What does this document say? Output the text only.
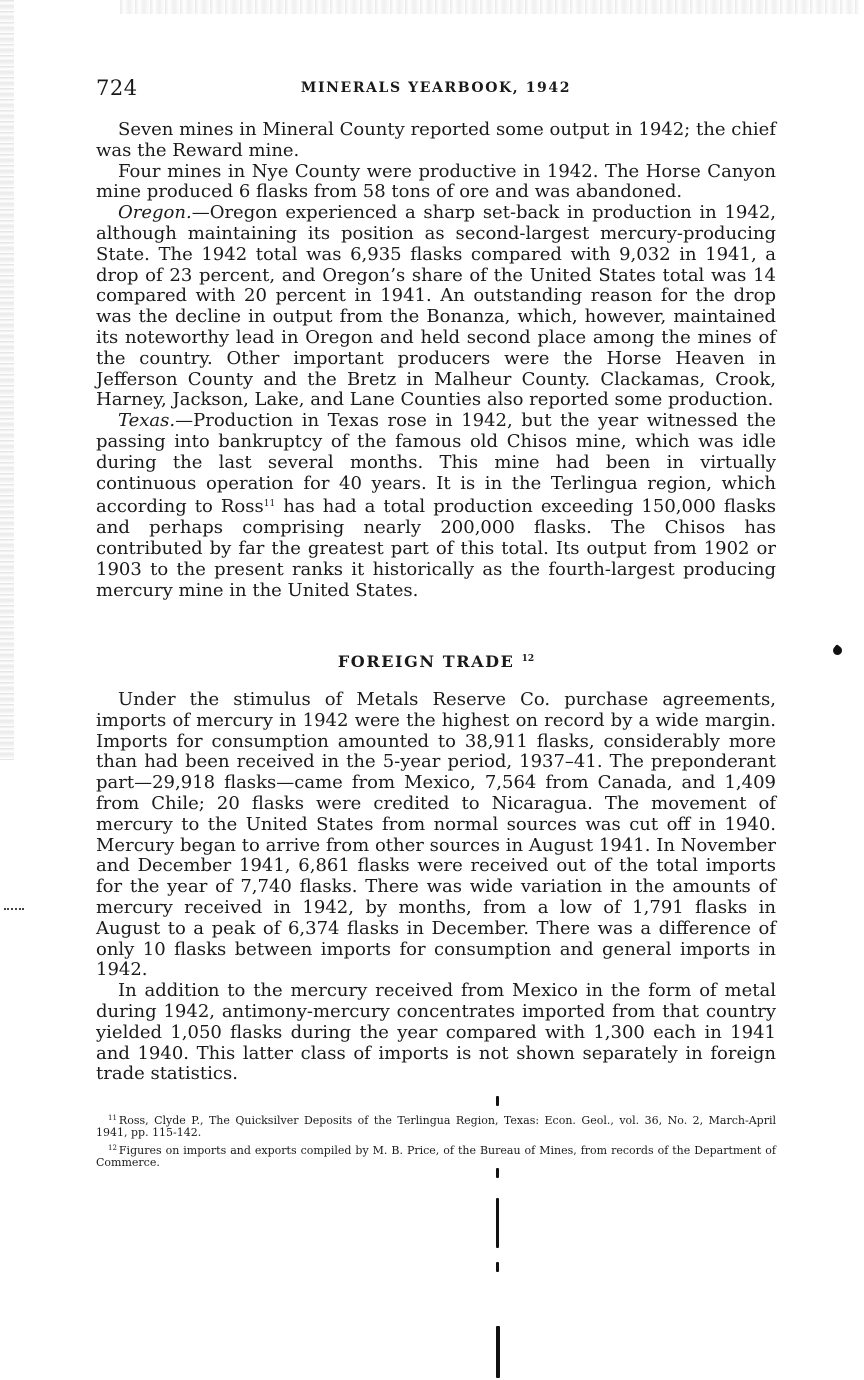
724	MINERALS YEARBOOK, 1942

Seven mines in Mineral County reported some output in 1942; the chief was the Reward mine.

Four mines in Nye County were productive in 1942. The Horse Canyon mine produced 6 flasks from 58 tons of ore and was abandoned.

Oregon.—Oregon experienced a sharp set-back in production in 1942, although maintaining its position as second-largest mercury-producing State. The 1942 total was 6,935 flasks compared with 9,032 in 1941, a drop of 23 percent, and Oregon’s share of the United States total was 14 compared with 20 percent in 1941. An outstanding reason for the drop was the decline in output from the Bonanza, which, however, maintained its noteworthy lead in Oregon and held second place among the mines of the country. Other important producers were the Horse Heaven in Jefferson County and the Bretz in Malheur County. Clackamas, Crook, Harney, Jackson, Lake, and Lane Counties also reported some production.

Texas.—Production in Texas rose in 1942, but the year witnessed the passing into bankruptcy of the famous old Chisos mine, which was idle during the last several months. This mine had been in virtually continuous operation for 40 years. It is in the Terlingua region, which according to Ross$^{11}$ has had a total production exceeding 150,000 flasks and perhaps comprising nearly 200,000 flasks. The Chisos has contributed by far the greatest part of this total. Its output from 1902 or 1903 to the present ranks it historically as the fourth-largest producing mercury mine in the United States.

FOREIGN TRADE $^{12}$

Under the stimulus of Metals Reserve Co. purchase agreements, imports of mercury in 1942 were the highest on record by a wide margin. Imports for consumption amounted to 38,911 flasks, considerably more than had been received in the 5-year period, 1937–41. The preponderant part—29,918 flasks—came from Mexico, 7,564 from Canada, and 1,409 from Chile; 20 flasks were credited to Nicaragua. The movement of mercury to the United States from normal sources was cut off in 1940. Mercury began to arrive from other sources in August 1941. In November and December 1941, 6,861 flasks were received out of the total imports for the year of 7,740 flasks. There was wide variation in the amounts of mercury received in 1942, by months, from a low of 1,791 flasks in August to a peak of 6,374 flasks in December. There was a difference of only 10 flasks between imports for consumption and general imports in 1942.

In addition to the mercury received from Mexico in the form of metal during 1942, antimony-mercury concentrates imported from that country yielded 1,050 flasks during the year compared with 1,300 each in 1941 and 1940. This latter class of imports is not shown separately in foreign trade statistics.

$^{11}$ Ross, Clyde P., The Quicksilver Deposits of the Terlingua Region, Texas: Econ. Geol., vol. 36, No. 2, March-April 1941, pp. 115-142.

$^{12}$ Figures on imports and exports compiled by M. B. Price, of the Bureau of Mines, from records of the Department of Commerce.
